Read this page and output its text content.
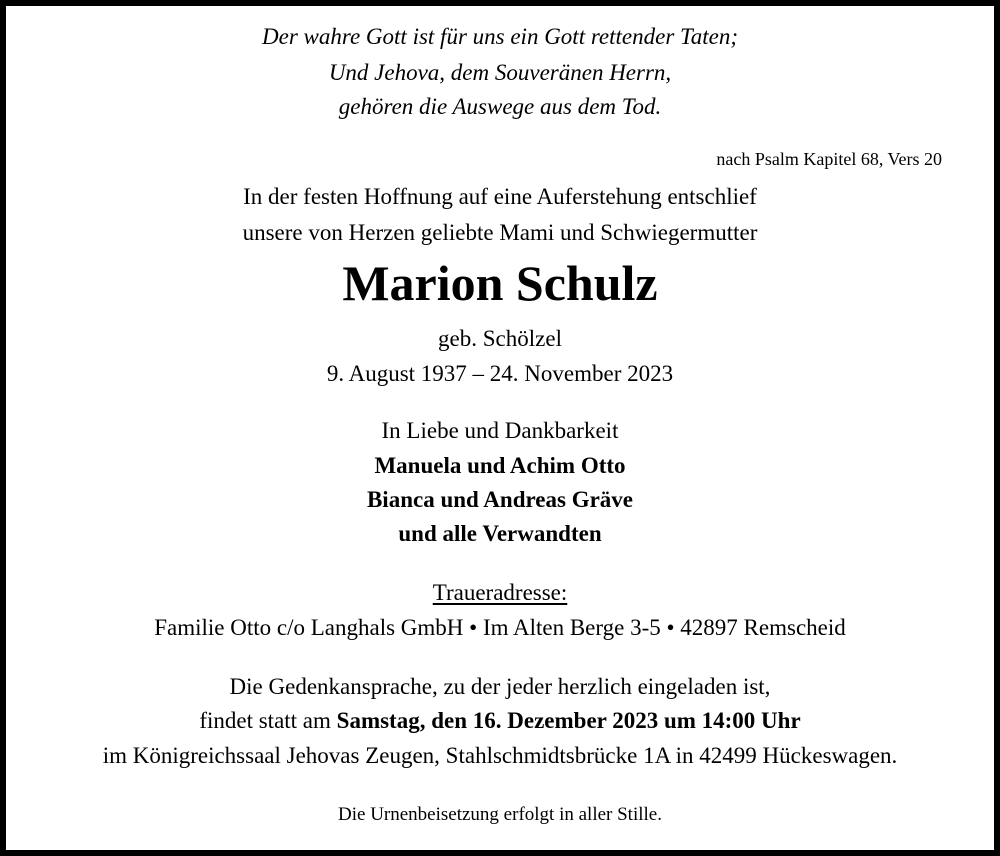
Der wahre Gott ist für uns ein Gott rettender Taten;

Und Jehova, dem Souveränen Herrn,

gehören die Auswege aus dem Tod.

nach Psalm Kapitel 68, Vers 20

In der festen Hoffnung auf eine Auferstehung entschlief

unsere von Herzen geliebte Mami und Schwiegermutter

Marion Schulz

geb. Schölzel

9. August 1937 – 24. November 2023

In Liebe und Dankbarkeit

Manuela und Achim Otto

Bianca und Andreas Gräve

und alle Verwandten

Traueradresse:

Familie Otto c/o Langhals GmbH • Im Alten Berge 3-5 • 42897 Remscheid

Die Gedenkansprache, zu der jeder herzlich eingeladen ist,

findet statt am Samstag, den 16. Dezember 2023 um 14:00 Uhr

im Königreichssaal Jehovas Zeugen, Stahlschmidtsbrücke 1A in 42499 Hückeswagen.

Die Urnenbeisetzung erfolgt in aller Stille.
